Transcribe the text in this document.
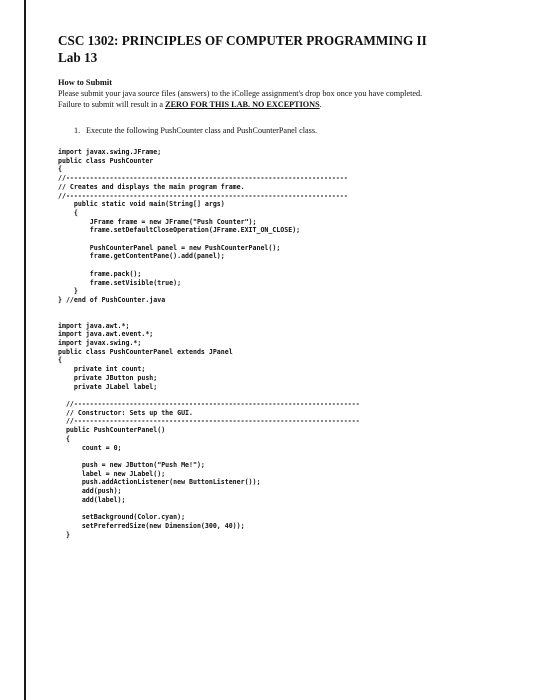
CSC 1302: PRINCIPLES OF COMPUTER PROGRAMMING II
Lab 13

How to Submit

Please submit your java source files (answers) to the iCollege assignment's drop box once you have completed.

Failure to submit will result in a ZERO FOR THIS LAB. NO EXCEPTIONS.

1. Execute the following PushCounter class and PushCounterPanel class.

import javax.swing.JFrame;
public class PushCounter
{
//-----------------------------------------------------------------------
// Creates and displays the main program frame.
//-----------------------------------------------------------------------
public static void main(String[] args)
{
JFrame frame = new JFrame("Push Counter");
frame.setDefaultCloseOperation(JFrame.EXIT_ON_CLOSE);

PushCounterPanel panel = new PushCounterPanel();
frame.getContentPane().add(panel);

frame.pack();
frame.setVisible(true);
}
} //end of PushCounter.java
import java.awt.*;
import java.awt.event.*;
import javax.swing.*;
public class PushCounterPanel extends JPanel
{
private int count;
private JButton push;
private JLabel label;

//------------------------------------------------------------------------
// Constructor: Sets up the GUI.
//------------------------------------------------------------------------
public PushCounterPanel()
{
count = 0;

push = new JButton("Push Me!");
label = new JLabel();
push.addActionListener(new ButtonListener());
add(push);
add(label);

setBackground(Color.cyan);
setPreferredSize(new Dimension(300, 40));
}
